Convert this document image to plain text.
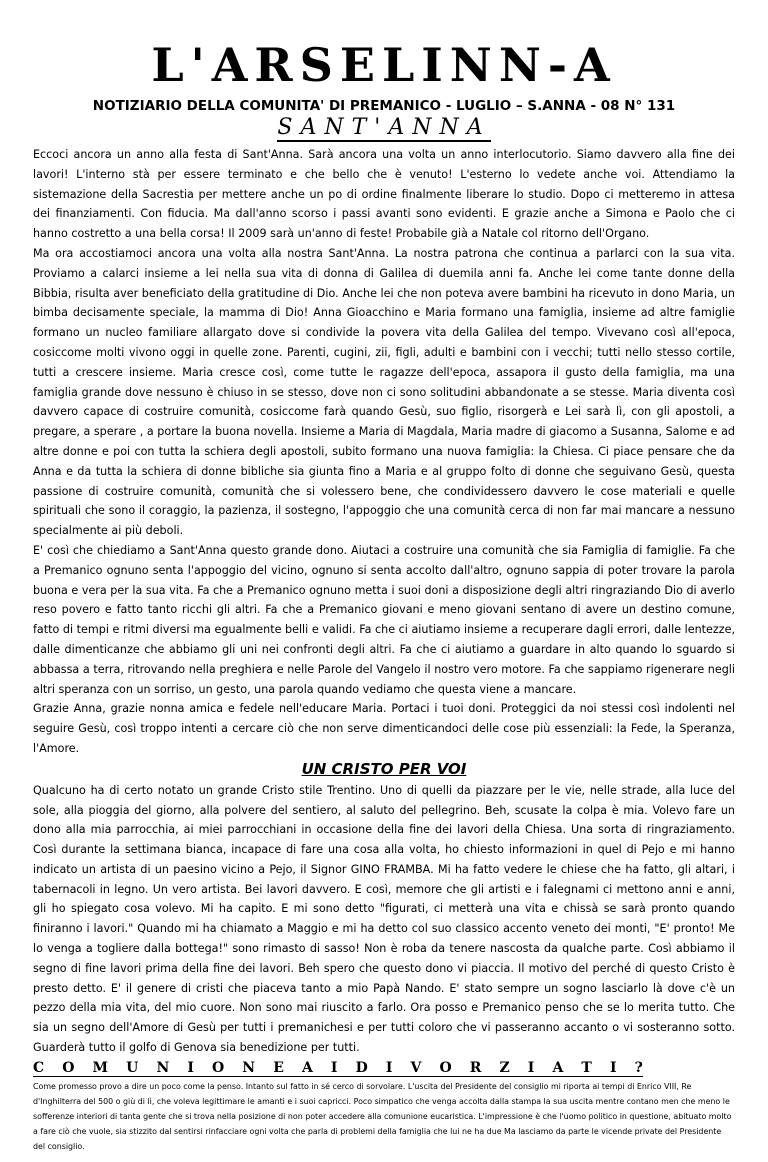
L'ARSELINN-A
NOTIZIARIO DELLA COMUNITA' DI PREMANICO - LUGLIO – S.ANNA - 08 N° 131
SANT'ANNA

Eccoci ancora un anno alla festa di Sant'Anna. Sarà ancora una volta un anno interlocutorio. Siamo davvero alla fine dei lavori! L'interno stà per essere terminato e che bello che è venuto! L'esterno lo vedete anche voi. Attendiamo la sistemazione della Sacrestia per mettere anche un po di ordine finalmente liberare lo studio. Dopo ci metteremo in attesa dei finanziamenti. Con fiducia. Ma dall'anno scorso i passi avanti sono evidenti. E grazie anche a Simona e Paolo che ci hanno costretto a una bella corsa! Il 2009 sarà un'anno di feste! Probabile già a Natale col ritorno dell'Organo.

Ma ora accostiamoci ancora una volta alla nostra Sant'Anna. La nostra patrona che continua a parlarci con la sua vita. Proviamo a calarci insieme a lei nella sua vita di donna di Galilea di duemila anni fa. Anche lei come tante donne della Bibbia, risulta aver beneficiato della gratitudine di Dio. Anche lei che non poteva avere bambini ha ricevuto in dono Maria, un bimba decisamente speciale, la mamma di Dio! Anna Gioacchino e Maria formano una famiglia, insieme ad altre famiglie formano un nucleo familiare allargato dove si condivide la povera vita della Galilea del tempo. Vivevano così all'epoca, cosiccome molti vivono oggi in quelle zone. Parenti, cugini, zii, figli, adulti e bambini con i vecchi; tutti nello stesso cortile, tutti a crescere insieme. Maria cresce così, come tutte le ragazze dell'epoca, assapora il gusto della famiglia, ma una famiglia grande dove nessuno è chiuso in se stesso, dove non ci sono solitudini abbandonate a se stesse. Maria diventa così davvero capace di costruire comunità, cosiccome farà quando Gesù, suo figlio, risorgerà e Lei sarà lì, con gli apostoli, a pregare, a sperare , a portare la buona novella. Insieme a Maria di Magdala, Maria madre di giacomo a Susanna, Salome e ad altre donne e poi con tutta la schiera degli apostoli, subito formano una nuova famiglia: la Chiesa. Ci piace pensare che da Anna e da tutta la schiera di donne bibliche sia giunta fino a Maria e al gruppo folto di donne che seguivano Gesù, questa passione di costruire comunità, comunità che si volessero bene, che condividessero davvero le cose materiali e quelle spirituali che sono il coraggio, la pazienza, il sostegno, l'appoggio che una comunità cerca di non far mai mancare a nessuno specialmente ai più deboli.

E' così che chiediamo a Sant'Anna questo grande dono. Aiutaci a costruire una comunità che sia Famiglia di famiglie. Fa che a Premanico ognuno senta l'appoggio del vicino, ognuno si senta accolto dall'altro, ognuno sappia di poter trovare la parola buona e vera per la sua vita. Fa che a Premanico ognuno metta i suoi doni a disposizione degli altri ringraziando Dio di averlo reso povero e fatto tanto ricchi gli altri. Fa che a Premanico giovani e meno giovani sentano di avere un destino comune, fatto di tempi e ritmi diversi ma egualmente belli e validi. Fa che ci aiutiamo insieme a recuperare dagli errori, dalle lentezze, dalle dimenticanze che abbiamo gli uni nei confronti degli altri. Fa che ci aiutiamo a guardare in alto quando lo sguardo si abbassa a terra, ritrovando nella preghiera e nelle Parole del Vangelo il nostro vero motore. Fa che sappiamo rigenerare negli altri speranza con un sorriso, un gesto, una parola quando vediamo che questa viene a mancare.

Grazie Anna, grazie nonna amica e fedele nell'educare Maria. Portaci i tuoi doni. Proteggici da noi stessi così indolenti nel seguire Gesù, così troppo intenti a cercare ciò che non serve dimenticandoci delle cose più essenziali: la Fede, la Speranza, l'Amore.

UN CRISTO PER VOI

Qualcuno ha di certo notato un grande Cristo stile Trentino. Uno di quelli da piazzare per le vie, nelle strade, alla luce del sole, alla pioggia del giorno, alla polvere del sentiero, al saluto del pellegrino. Beh, scusate la colpa è mia. Volevo fare un dono alla mia parrocchia, ai miei parrocchiani in occasione della fine dei lavori della Chiesa. Una sorta di ringraziamento. Così durante la settimana bianca, incapace di fare una cosa alla volta, ho chiesto informazioni in quel di Pejo e mi hanno indicato un artista di un paesino vicino a Pejo, il Signor GINO FRAMBA. Mi ha fatto vedere le chiese che ha fatto, gli altari, i tabernacoli in legno. Un vero artista. Bei lavori davvero. E così, memore che gli artisti e i falegnami ci mettono anni e anni, gli ho spiegato cosa volevo. Mi ha capito. E mi sono detto "figurati, ci metterà una vita e chissà se sarà pronto quando finiranno i lavori." Quando mi ha chiamato a Maggio e mi ha detto col suo classico accento veneto dei monti, "E' pronto! Me lo venga a togliere dalla bottega!" sono rimasto di sasso! Non è roba da tenere nascosta da qualche parte. Così abbiamo il segno di fine lavori prima della fine dei lavori. Beh spero che questo dono vi piaccia. Il motivo del perché di questo Cristo è presto detto. E' il genere di cristi che piaceva tanto a mio Papà Nando. E' stato sempre un sogno lasciarlo là dove c'è un pezzo della mia vita, del mio cuore. Non sono mai riuscito a farlo. Ora posso e Premanico penso che se lo merita tutto. Che sia un segno dell'Amore di Gesù per tutti i premanichesi e per tutti coloro che vi passeranno accanto o vi sosteranno sotto. Guarderà tutto il golfo di Genova sia benedizione per tutti.

C O M U N I O N E A I D I V O R Z I A T I ?

Come promesso provo a dire un poco come la penso. Intanto sul fatto in sé cerco di sorvolare. L'uscita del Presidente del consiglio mi riporta ai tempi di Enrico VIII, Re d'Inghilterra del 500 o giù di lì, che voleva legittimare le amanti e i suoi capricci. Poco simpatico che venga accolta dalla stampa la sua uscita mentre contano men che meno le sofferenze interiori di tanta gente che si trova nella posizione di non poter accedere alla comunione eucaristica. L'impressione è che l'uomo politico in questione, abituato molto a fare ciò che vuole, sia stizzito dal sentirsi rinfacciare ogni volta che parla di problemi della famiglia che lui ne ha due Ma lasciamo da parte le vicende private del Presidente del consiglio.
